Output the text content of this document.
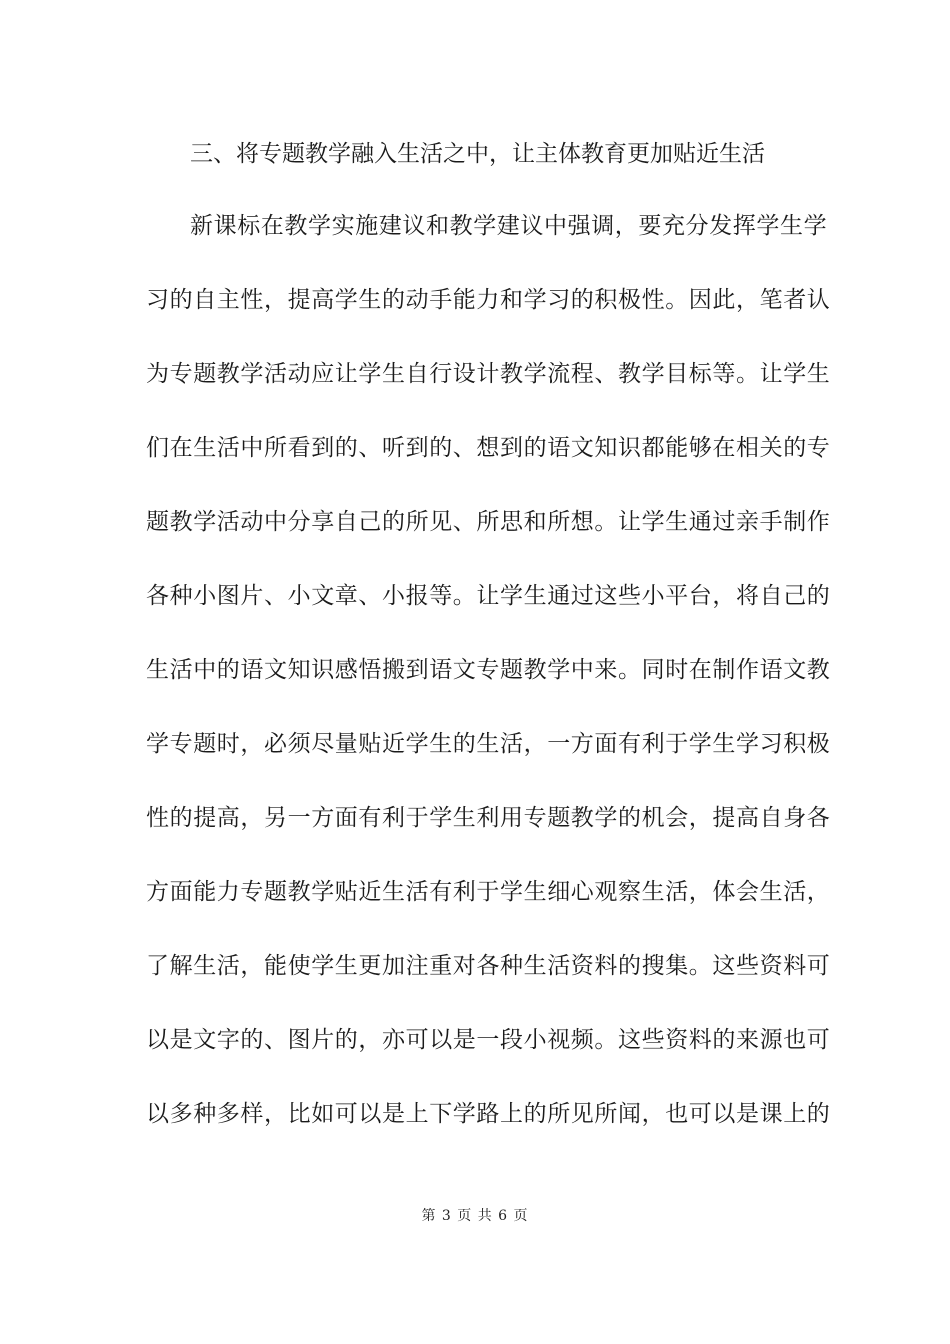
三、将专题教学融入生活之中，让主体教育更加贴近生活
新课标在教学实施建议和教学建议中强调，要充分发挥学生学
习的自主性，提高学生的动手能力和学习的积极性。因此，笔者认
为专题教学活动应让学生自行设计教学流程、教学目标等。让学生
们在生活中所看到的、听到的、想到的语文知识都能够在相关的专
题教学活动中分享自己的所见、所思和所想。让学生通过亲手制作
各种小图片、小文章、小报等。让学生通过这些小平台，将自己的
生活中的语文知识感悟搬到语文专题教学中来。同时在制作语文教
学专题时，必须尽量贴近学生的生活，一方面有利于学生学习积极
性的提高，另一方面有利于学生利用专题教学的机会，提高自身各
方面能力专题教学贴近生活有利于学生细心观察生活，体会生活，
了解生活，能使学生更加注重对各种生活资料的搜集。这些资料可
以是文字的、图片的，亦可以是一段小视频。这些资料的来源也可
以多种多样，比如可以是上下学路上的所见所闻，也可以是课上的
第 3 页 共 6 页
